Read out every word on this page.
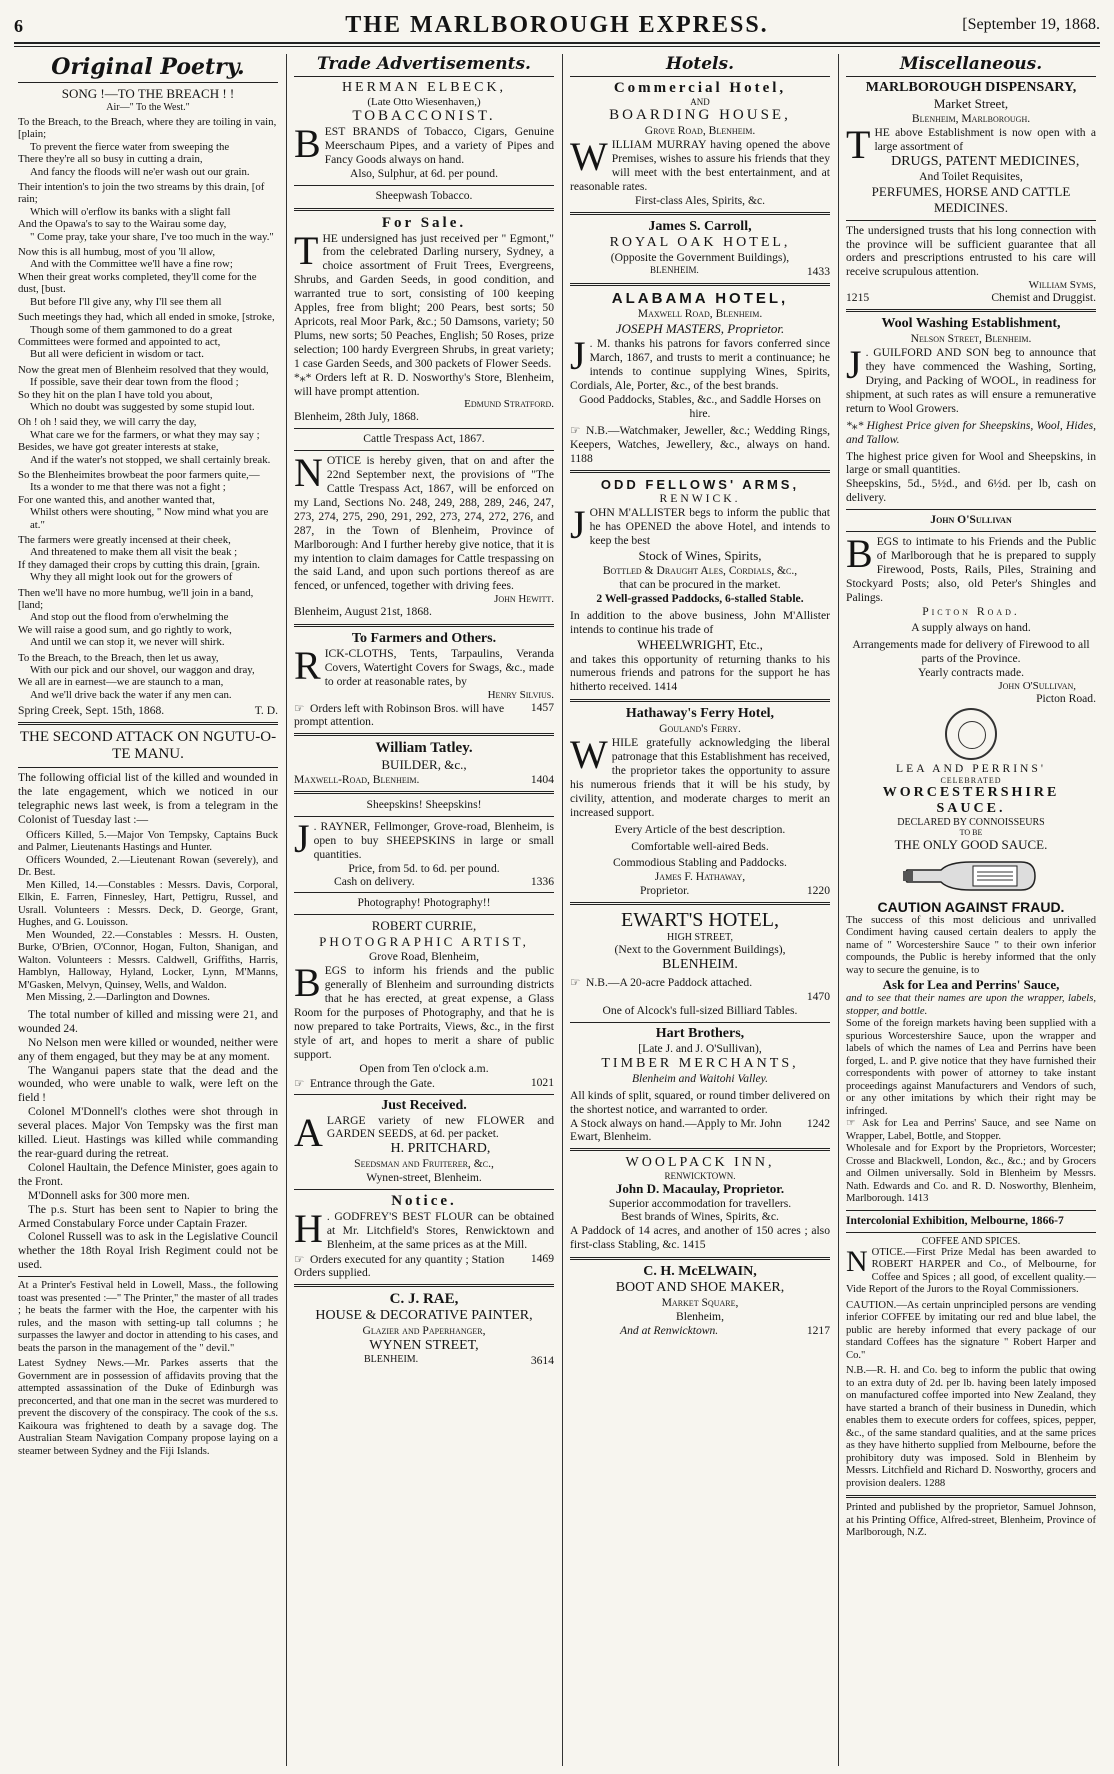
6	THE MARLBOROUGH EXPRESS.	[September 19, 1868.
Original Poetry.
SONG !—TO THE BREACH ! !
Air—" To the West."
To the Breach, to the Breach, where they are toiling in vain, [plain;
To prevent the fierce water from sweeping the
There they're all so busy in cutting a drain,
And fancy the floods will ne'er wash out our grain.
Their intention's to join the two streams by this drain, [of rain;
Which will o'erflow its banks with a slight fall
And the Opawa's to say to the Wairau some day,
" Come pray, take your share, I've too much in the way."
Now this is all humbug, most of you 'll allow,
And with the Committee we'll have a fine row;
When their great works completed, they'll come for the dust, [bust.
But before I'll give any, why I'll see them all
Such meetings they had, which all ended in smoke, [stroke,
Though some of them gammoned to do a great
Committees were formed and appointed to act,
But all were deficient in wisdom or tact.
Now the great men of Blenheim resolved that they would,
If possible, save their dear town from the flood ;
So they hit on the plan I have told you about,
Which no doubt was suggested by some stupid lout.
Oh ! oh ! said they, we will carry the day,
What care we for the farmers, or what they may say ;
Besides, we have got greater interests at stake,
And if the water's not stopped, we shall certainly break.
So the Blenheimites browbeat the poor farmers quite,—
Its a wonder to me that there was not a fight ;
For one wanted this, and another wanted that,
Whilst others were shouting, " Now mind what you are at."
The farmers were greatly incensed at their cheek,
And threatened to make them all visit the beak ;
If they damaged their crops by cutting this drain, [grain.
Why they all might look out for the growers of
Then we'll have no more humbug, we'll join in a band, [land;
And stop out the flood from o'erwhelming the
We will raise a good sum, and go rightly to work,
And until we can stop it, we never will shirk.
To the Breach, to the Breach, then let us away,
With our pick and our shovel, our waggon and dray,
We all are in earnest—we are staunch to a man,
And we'll drive back the water if any men can.
Spring Creek, Sept. 15th, 1868.	T. D.
THE SECOND ATTACK ON NGUTU-O-TE MANU.
The following official list of the killed and wounded in the late engagement, which we noticed in our telegraphic news last week, is from a telegram in the Colonist of Tuesday last :—
Officers Killed, 5.—Major Von Tempsky, Captains Buck and Palmer, Lieutenants Hastings and Hunter.
Officers Wounded, 2.—Lieutenant Rowan (severely), and Dr. Best.
Men Killed, 14.—Constables : Messrs. Davis, Corporal, Elkin, E. Farren, Finnesley, Hart, Pettigru, Russel, and Usrall. Volunteers : Messrs. Deck, D. George, Grant, Hughes, and G. Louisson.
Men Wounded, 22.—Constables : Messrs. H. Ousten, Burke, O'Brien, O'Connor, Hogan, Fulton, Shanigan, and Walton. Volunteers : Messrs. Caldwell, Griffiths, Harris, Hamblyn, Halloway, Hyland, Locker, Lynn, M'Manns, M'Gasken, Melvyn, Quinsey, Wells, and Waldon.
Men Missing, 2.—Darlington and Downes.
The total number of killed and missing were 21, and wounded 24.
No Nelson men were killed or wounded, neither were any of them engaged, but they may be at any moment.
The Wanganui papers state that the dead and the wounded, who were unable to walk, were left on the field !
Colonel M'Donnell's clothes were shot through in several places. Major Von Tempsky was the first man killed. Lieut. Hastings was killed while commanding the rear-guard during the retreat.
Colonel Haultain, the Defence Minister, goes again to the Front.
M'Donnell asks for 300 more men.
The p.s. Sturt has been sent to Napier to bring the Armed Constabulary Force under Captain Frazer.
Colonel Russell was to ask in the Legislative Council whether the 18th Royal Irish Regiment could not be used.
At a Printer's Festival held in Lowell, Mass., the following toast was presented :—" The Printer," the master of all trades ; he beats the farmer with the Hoe, the carpenter with his rules, and the mason with setting-up tall columns ; he surpasses the lawyer and doctor in attending to his cases, and beats the parson in the management of the " devil."
Latest Sydney News.—Mr. Parkes asserts that the Government are in possession of affidavits proving that the attempted assassination of the Duke of Edinburgh was preconcerted, and that one man in the secret was murdered to prevent the discovery of the conspiracy. The cook of the s.s. Kaikoura was frightened to death by a savage dog. The Australian Steam Navigation Company propose laying on a steamer between Sydney and the Fiji Islands.
Trade Advertisements.
HERMAN ELBECK,
(Late Otto Wiesenhaven,)
TOBACCONIST.
BEST BRANDS of Tobacco, Cigars, Genuine Meerschaum Pipes, and a variety of Pipes and Fancy Goods always on hand.
Also, Sulphur, at 6d. per pound.
Sheepwash Tobacco.
For Sale.
THE undersigned has just received per " Egmont," from the celebrated Darling nursery, Sydney, a choice assortment of Fruit Trees, Evergreens, Shrubs, and Garden Seeds, in good condition, and warranted true to sort, consisting of 100 keeping Apples, free from blight; 200 Pears, best sorts; 50 Apricots, real Moor Park, &c.; 50 Damsons, variety; 50 Plums, new sorts; 50 Peaches, English; 50 Roses, prize selection; 100 hardy Evergreen Shrubs, in great variety; 1 case Garden Seeds, and 300 packets of Flower Seeds.
*⁎* Orders left at R. D. Nosworthy's Store, Blenheim, will have prompt attention.
Edmund Stratford.
Blenheim, 28th July, 1868.
Cattle Trespass Act, 1867.
NOTICE is hereby given, that on and after the 22nd September next, the provisions of "The Cattle Trespass Act, 1867, will be enforced on my Land, Sections No. 248, 249, 288, 289, 246, 247, 273, 274, 275, 290, 291, 292, 273, 274, 272, 276, and 287, in the Town of Blenheim, Province of Marlborough: And I further hereby give notice, that it is my intention to claim damages for Cattle trespassing on the said Land, and upon such portions thereof as are fenced, or unfenced, together with driving fees.
John Hewitt.
Blenheim, August 21st, 1868.
To Farmers and Others.
RICK-CLOTHS, Tents, Tarpaulins, Veranda Covers, Watertight Covers for Swags, &c., made to order at reasonable rates, by
Henry Silvius.
☞ Orders left with Robinson Bros. will have prompt attention.
1457
William Tatley.
BUILDER, &c.,
Maxwell-Road, Blenheim.	1404
Sheepskins! Sheepskins!
J . RAYNER, Fellmonger, Grove-road, Blenheim, is open to buy SHEEPSKINS in large or small quantities.
Price, from 5d. to 6d. per pound.
Cash on delivery.	1336
Photography! Photography!!
ROBERT CURRIE,
PHOTOGRAPHIC ARTIST,
Grove Road, Blenheim,
BEGS to inform his friends and the public generally of Blenheim and surrounding districts that he has erected, at great expense, a Glass Room for the purposes of Photography, and that he is now prepared to take Portraits, Views, &c., in the first style of art, and hopes to merit a share of public support.
Open from Ten o'clock a.m.
☞ Entrance through the Gate.	1021
Just Received.
A LARGE variety of new FLOWER and GARDEN SEEDS, at 6d. per packet.
H. PRITCHARD,
Seedsman and Fruiterer, &c.,
Wynen-street, Blenheim.
Notice.
H . GODFREY'S BEST FLOUR can be obtained at Mr. Litchfield's Stores, Renwicktown and Blenheim, at the same prices as at the Mill.
☞ Orders executed for any quantity ; Station Orders supplied.
1469
C. J. RAE,
HOUSE & DECORATIVE PAINTER,
Glazier and Paperhanger,
WYNEN STREET,
BLENHEIM.	3614
Hotels.
Commercial Hotel,
AND
BOARDING HOUSE,
Grove Road, Blenheim.
WILLIAM MURRAY having opened the above Premises, wishes to assure his friends that they will meet with the best entertainment, and at reasonable rates.
First-class Ales, Spirits, &c.
James S. Carroll,
ROYAL OAK HOTEL,
(Opposite the Government Buildings),
BLENHEIM.	1433
ALABAMA HOTEL,
Maxwell Road, Blenheim.
JOSEPH MASTERS, Proprietor.
J . M. thanks his patrons for favors conferred since March, 1867, and trusts to merit a continuance; he intends to continue supplying Wines, Spirits, Cordials, Ale, Porter, &c., of the best brands.
Good Paddocks, Stables, &c., and Saddle Horses on hire.
☞ N.B.—Watchmaker, Jeweller, &c.; Wedding Rings, Keepers, Watches, Jewellery, &c., always on hand. 1188
ODD FELLOWS' ARMS,
RENWICK.
JOHN M'ALLISTER begs to inform the public that he has OPENED the above Hotel, and intends to keep the best
Stock of Wines, Spirits,
Bottled & Draught Ales, Cordials, &c.,
that can be procured in the market.
2 Well-grassed Paddocks, 6-stalled Stable.
In addition to the above business, John M'Allister intends to continue his trade of
WHEELWRIGHT, Etc.,
and takes this opportunity of returning thanks to his numerous friends and patrons for the support he has hitherto received. 1414
Hathaway's Ferry Hotel,
Gouland's Ferry.
WHILE gratefully acknowledging the liberal patronage that this Establishment has received, the proprietor takes the opportunity to assure his numerous friends that it will be his study, by civility, attention, and moderate charges to merit an increased support.
Every Article of the best description.
Comfortable well-aired Beds.
Commodious Stabling and Paddocks.
James F. Hathaway,
Proprietor.	1220
EWART'S HOTEL,
HIGH STREET,
(Next to the Government Buildings),
BLENHEIM.
☞ N.B.—A 20-acre Paddock attached.
1470
One of Alcock's full-sized Billiard Tables.
Hart Brothers,
[Late J. and J. O'Sullivan),
TIMBER MERCHANTS,
Blenheim and Waitohi Valley.
All kinds of split, squared, or round timber delivered on the shortest notice, and warranted to order.
A Stock always on hand.—Apply to Mr. John Ewart, Blenheim.
1242
WOOLPACK INN,
RENWICKTOWN.
John D. Macaulay, Proprietor.
Superior accommodation for travellers.
Best brands of Wines, Spirits, &c.
A Paddock of 14 acres, and another of 150 acres ; also first-class Stabling, &c. 1415
C. H. McELWAIN,
BOOT AND SHOE MAKER,
Market Square,
Blenheim,
And at Renwicktown.	1217
Miscellaneous.
MARLBOROUGH DISPENSARY,
Market Street,
Blenheim, Marlborough.
THE above Establishment is now open with a large assortment of
DRUGS, PATENT MEDICINES,
And Toilet Requisites,
PERFUMES, HORSE AND CATTLE MEDICINES.
The undersigned trusts that his long connection with the province will be sufficient guarantee that all orders and prescriptions entrusted to his care will receive scrupulous attention.
William Syms,
1215	Chemist and Druggist.
Wool Washing Establishment,
Nelson Street, Blenheim.
J . GUILFORD AND SON beg to announce that they have commenced the Washing, Sorting, Drying, and Packing of WOOL, in readiness for shipment, at such rates as will ensure a remunerative return to Wool Growers.
*⁎* Highest Price given for Sheepskins, Wool, Hides, and Tallow.
The highest price given for Wool and Sheepskins, in large or small quantities.
Sheepskins, 5d., 5½d., and 6½d. per lb, cash on delivery.
John O'Sullivan
BEGS to intimate to his Friends and the Public of Marlborough that he is prepared to supply Firewood, Posts, Rails, Piles, Straining and Stockyard Posts; also, old Peter's Shingles and Palings.
Picton Road.
A supply always on hand.
Arrangements made for delivery of Firewood to all parts of the Province.
Yearly contracts made.
John O'Sullivan,
Picton Road.
LEA AND PERRINS'
CELEBRATED
WORCESTERSHIRE SAUCE.
DECLARED BY CONNOISSEURS
TO BE
THE ONLY GOOD SAUCE.
CAUTION AGAINST FRAUD.
The success of this most delicious and unrivalled Condiment having caused certain dealers to apply the name of " Worcestershire Sauce " to their own inferior compounds, the Public is hereby informed that the only way to secure the genuine, is to
Ask for Lea and Perrins' Sauce,
and to see that their names are upon the wrapper, labels, stopper, and bottle.
Some of the foreign markets having been supplied with a spurious Worcestershire Sauce, upon the wrapper and labels of which the names of Lea and Perrins have been forged, L. and P. give notice that they have furnished their correspondents with power of attorney to take instant proceedings against Manufacturers and Vendors of such, or any other imitations by which their right may be infringed.
☞ Ask for Lea and Perrins' Sauce, and see Name on Wrapper, Label, Bottle, and Stopper.
Wholesale and for Export by the Proprietors, Worcester; Crosse and Blackwell, London, &c., &c.; and by Grocers and Oilmen universally. Sold in Blenheim by Messrs. Nath. Edwards and Co. and R. D. Nosworthy, Blenheim, Marlborough. 1413
Intercolonial Exhibition, Melbourne, 1866-7
COFFEE AND SPICES.
NOTICE.—First Prize Medal has been awarded to ROBERT HARPER and Co., of Melbourne, for Coffee and Spices ; all good, of excellent quality.—Vide Report of the Jurors to the Royal Commissioners.
CAUTION.—As certain unprincipled persons are vending inferior COFFEE by imitating our red and blue label, the public are hereby informed that every package of our standard Coffees has the signature " Robert Harper and Co."
N.B.—R. H. and Co. beg to inform the public that owing to an extra duty of 2d. per lb. having been lately imposed on manufactured coffee imported into New Zealand, they have started a branch of their business in Dunedin, which enables them to execute orders for coffees, spices, pepper, &c., of the same standard qualities, and at the same prices as they have hitherto supplied from Melbourne, before the prohibitory duty was imposed. Sold in Blenheim by Messrs. Litchfield and Richard D. Nosworthy, grocers and provision dealers. 1288
Printed and published by the proprietor, Samuel Johnson, at his Printing Office, Alfred-street, Blenheim, Province of Marlborough, N.Z.
